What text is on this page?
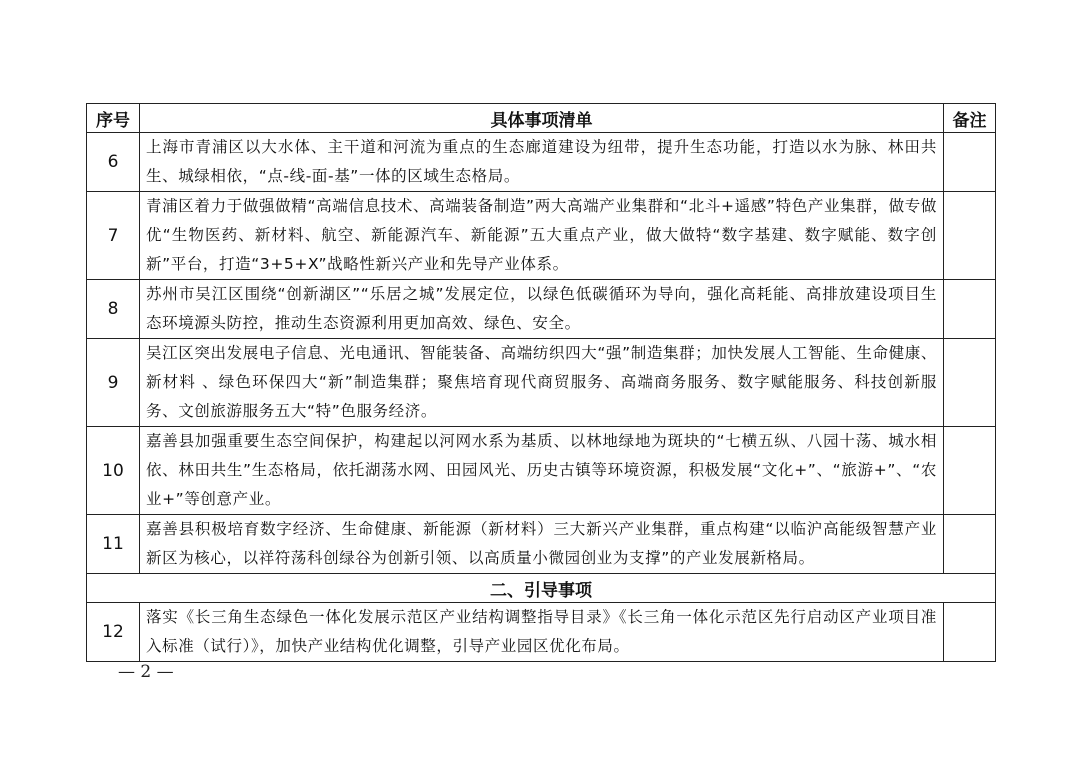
序号	具体事项清单	备注
6	上海市青浦区以大水体、主干道和河流为重点的生态廊道建设为纽带，提升生态功能，打造以水为脉、林田共生、城绿相依，“点-线-面-基”一体的区域生态格局。	
7	青浦区着力于做强做精“高端信息技术、高端装备制造”两大高端产业集群和“北斗+遥感”特色产业集群，做专做优“生物医药、新材料、航空、新能源汽车、新能源”五大重点产业，做大做特“数字基建、数字赋能、数字创新”平台，打造“3+5+X”战略性新兴产业和先导产业体系。	
8	苏州市吴江区围绕“创新湖区”“乐居之城”发展定位，以绿色低碳循环为导向，强化高耗能、高排放建设项目生态环境源头防控，推动生态资源利用更加高效、绿色、安全。	
9	吴江区突出发展电子信息、光电通讯、智能装备、高端纺织四大“强”制造集群；加快发展人工智能、生命健康、新材料 、绿色环保四大“新”制造集群；聚焦培育现代商贸服务、高端商务服务、数字赋能服务、科技创新服务、文创旅游服务五大“特”色服务经济。	
10	嘉善县加强重要生态空间保护，构建起以河网水系为基质、以林地绿地为斑块的“七横五纵、八园十荡、城水相依、林田共生”生态格局，依托湖荡水网、田园风光、历史古镇等环境资源，积极发展“文化+”、“旅游+”、“农业+”等创意产业。	
11	嘉善县积极培育数字经济、生命健康、新能源（新材料）三大新兴产业集群，重点构建“以临沪高能级智慧产业新区为核心，以祥符荡科创绿谷为创新引领、以高质量小微园创业为支撑”的产业发展新格局。	
二、引导事项		
12	落实《长三角生态绿色一体化发展示范区产业结构调整指导目录》《长三角一体化示范区先行启动区产业项目准入标准（试行）》，加快产业结构优化调整，引导产业园区优化布局。	
— 2 —
